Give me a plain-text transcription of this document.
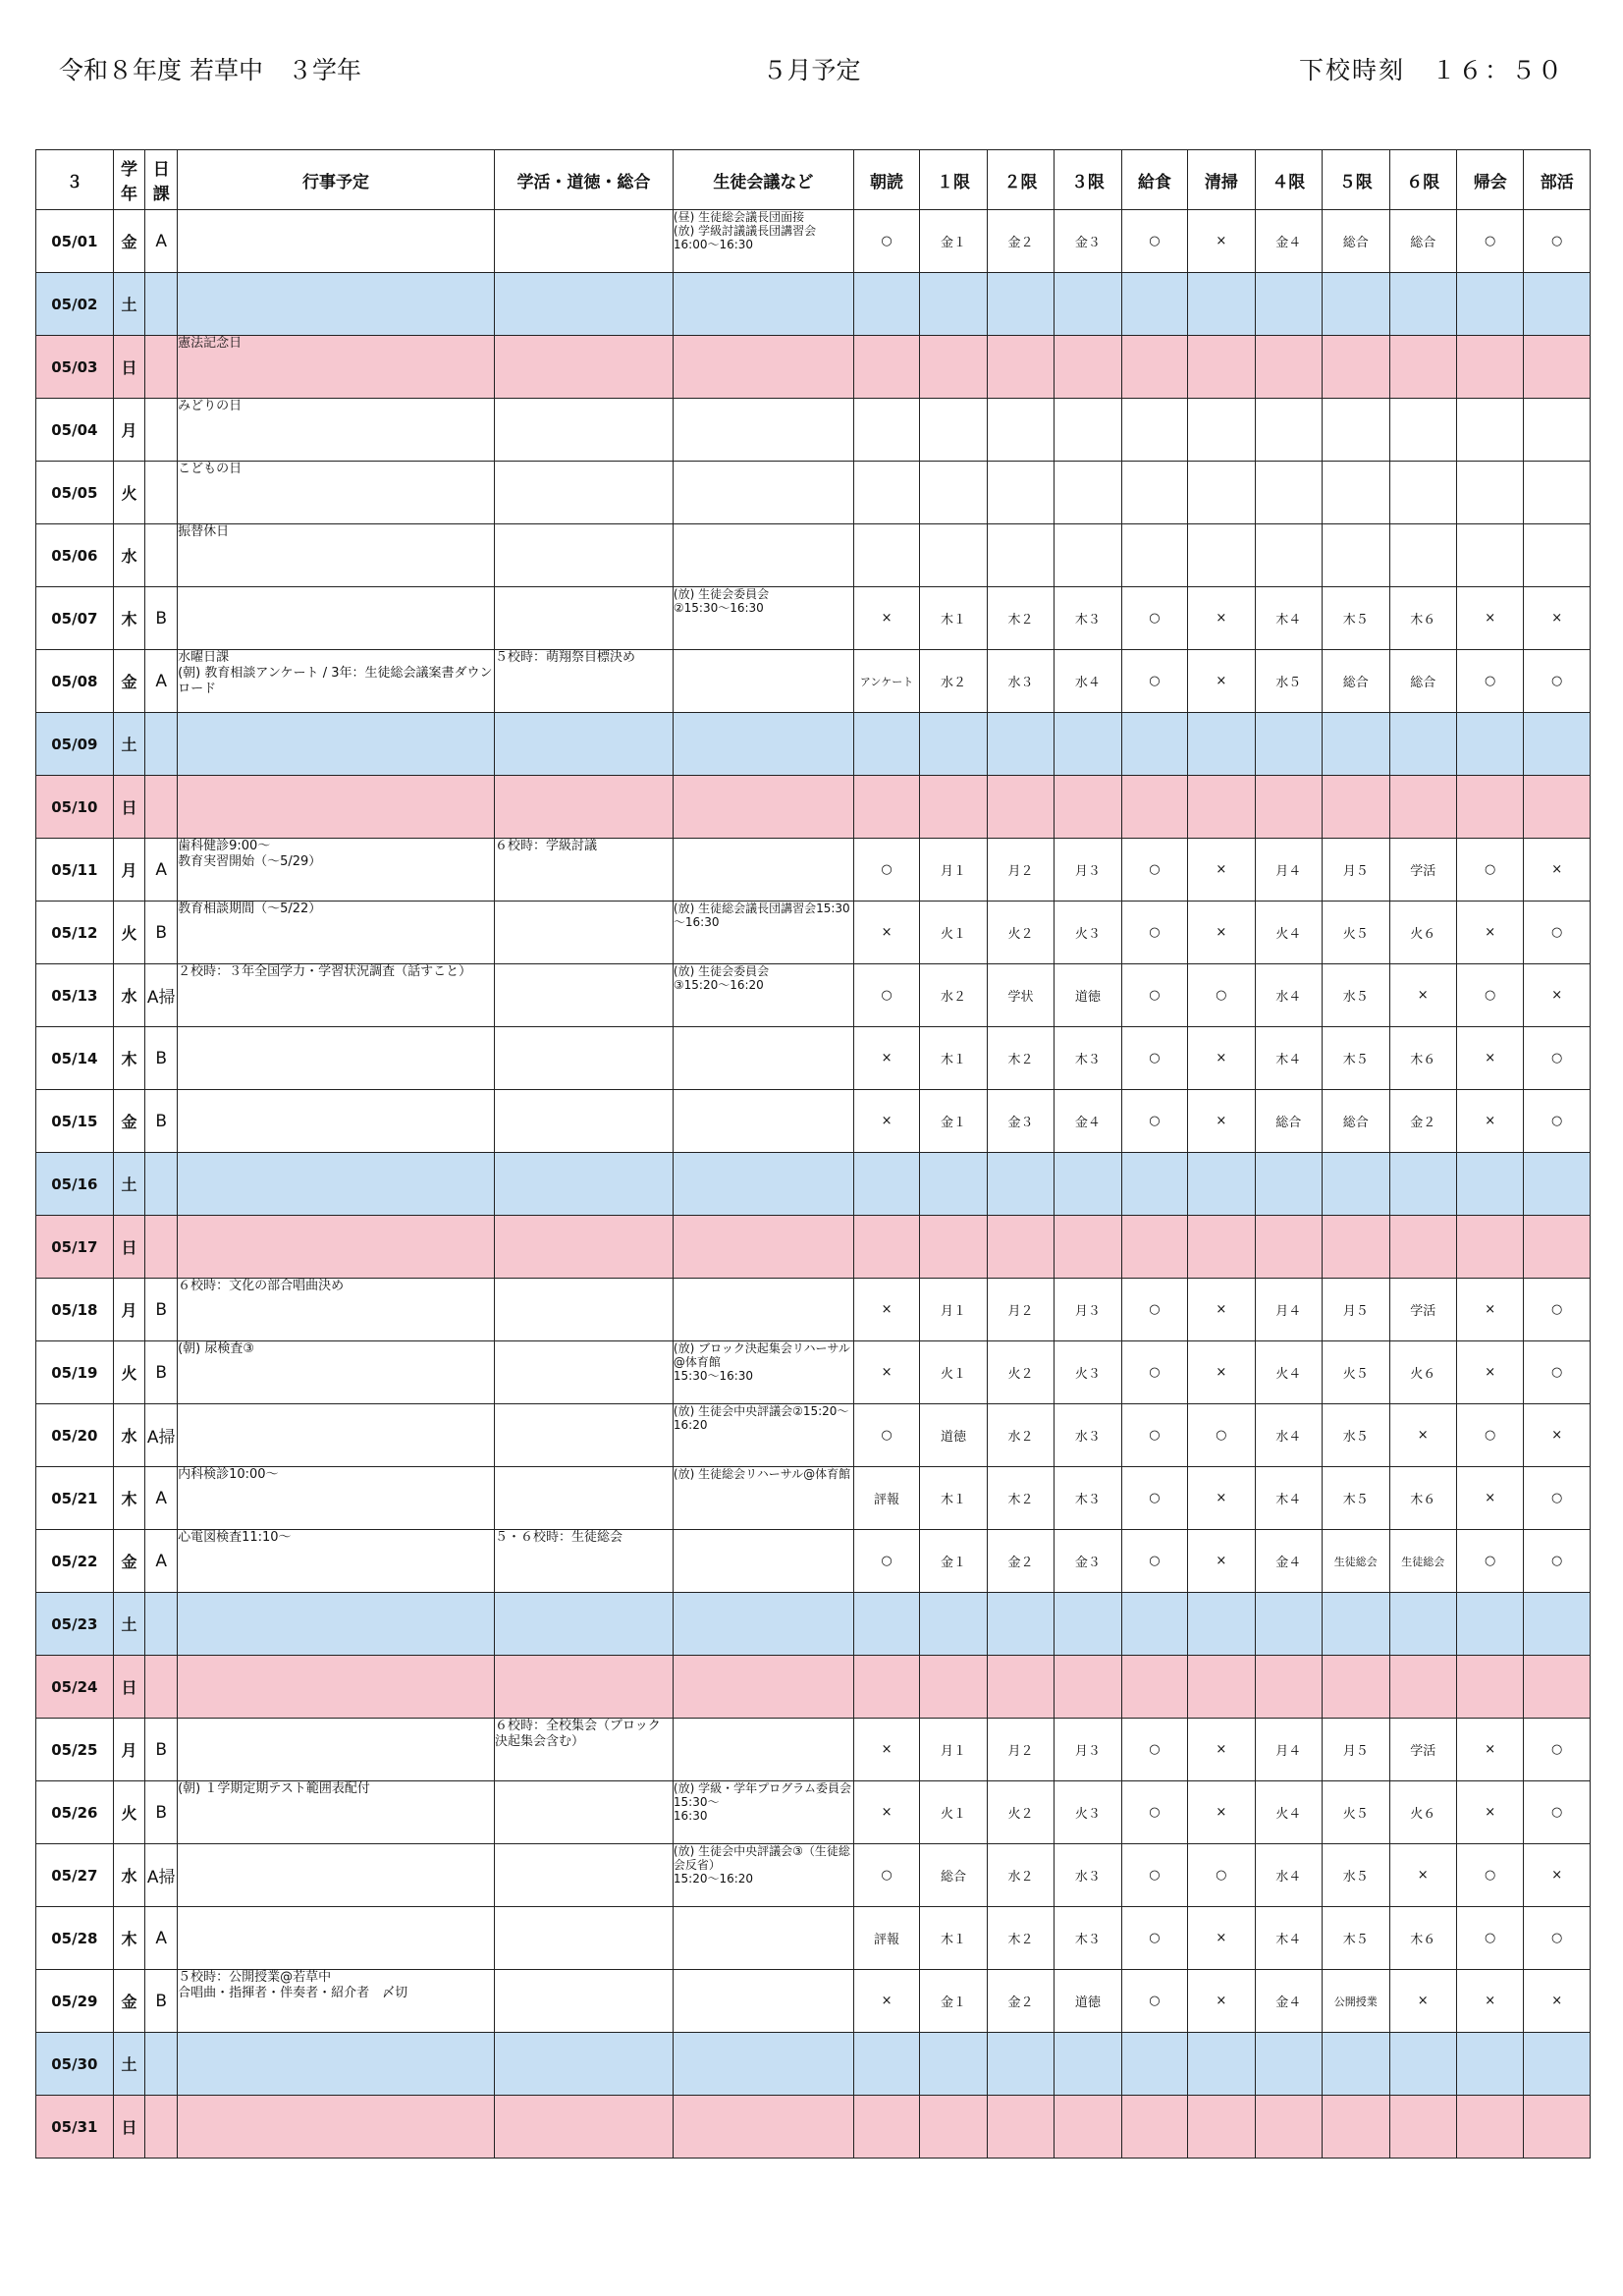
令和８年度 若草中　３学年	５月予定	下校時刻　１６：５０
３	学年	日課	行事予定	学活・道徳・総合	生徒会議など	朝読	１限	２限	３限	給食	清掃	４限	５限	６限	帰会	部活
05/01	金	A			(昼) 生徒総会議長団面接
(放) 学級討議議長団講習会
16:00～16:30	○	金１	金２	金３	○	×	金４	総合	総合	○	○
05/02	土															
05/03	日		憲法記念日													
05/04	月		みどりの日													
05/05	火		こどもの日													
05/06	水		振替休日													
05/07	木	B			(放) 生徒会委員会
②15:30～16:30	×	木１	木２	木３	○	×	木４	木５	木６	×	×
05/08	金	A	水曜日課
(朝) 教育相談アンケート / 3年：生徒総会議案書ダウンロード	５校時：萌翔祭目標決め		アンケート	水２	水３	水４	○	×	水５	総合	総合	○	○
05/09	土															
05/10	日															
05/11	月	A	歯科健診9:00～
教育実習開始（～5/29）	６校時：学級討議		○	月１	月２	月３	○	×	月４	月５	学活	○	×
05/12	火	B	教育相談期間（～5/22）		(放) 生徒総会議長団講習会15:30～16:30	×	火１	火２	火３	○	×	火４	火５	火６	×	○
05/13	水	A掃	２校時：３年全国学力・学習状況調査（話すこと）		(放) 生徒会委員会
③15:20～16:20	○	水２	学状	道徳	○	○	水４	水５	×	○	×
05/14	木	B				×	木１	木２	木３	○	×	木４	木５	木６	×	○
05/15	金	B				×	金１	金３	金４	○	×	総合	総合	金２	×	○
05/16	土															
05/17	日															
05/18	月	B	６校時：文化の部合唱曲決め			×	月１	月２	月３	○	×	月４	月５	学活	×	○
05/19	火	B	(朝) 尿検査③		(放) ブロック決起集会リハーサル@体育館
15:30～16:30	×	火１	火２	火３	○	×	火４	火５	火６	×	○
05/20	水	A掃			(放) 生徒会中央評議会②15:20～16:20	○	道徳	水２	水３	○	○	水４	水５	×	○	×
05/21	木	A	内科検診10:00～		(放) 生徒総会リハーサル@体育館	評報	木１	木２	木３	○	×	木４	木５	木６	×	○
05/22	金	A	心電図検査11:10～	５・６校時：生徒総会		○	金１	金２	金３	○	×	金４	生徒総会	生徒総会	○	○
05/23	土															
05/24	日															
05/25	月	B		６校時：全校集会（ブロック決起集会含む）		×	月１	月２	月３	○	×	月４	月５	学活	×	○
05/26	火	B	(朝) １学期定期テスト範囲表配付		(放) 学級・学年プログラム委員会15:30～
16:30	×	火１	火２	火３	○	×	火４	火５	火６	×	○
05/27	水	A掃			(放) 生徒会中央評議会③（生徒総会反省）
15:20～16:20	○	総合	水２	水３	○	○	水４	水５	×	○	×
05/28	木	A				評報	木１	木２	木３	○	×	木４	木５	木６	○	○
05/29	金	B	５校時：公開授業@若草中
合唱曲・指揮者・伴奏者・紹介者　〆切			×	金１	金２	道徳	○	×	金４	公開授業	×	×	×
05/30	土															
05/31	日															
